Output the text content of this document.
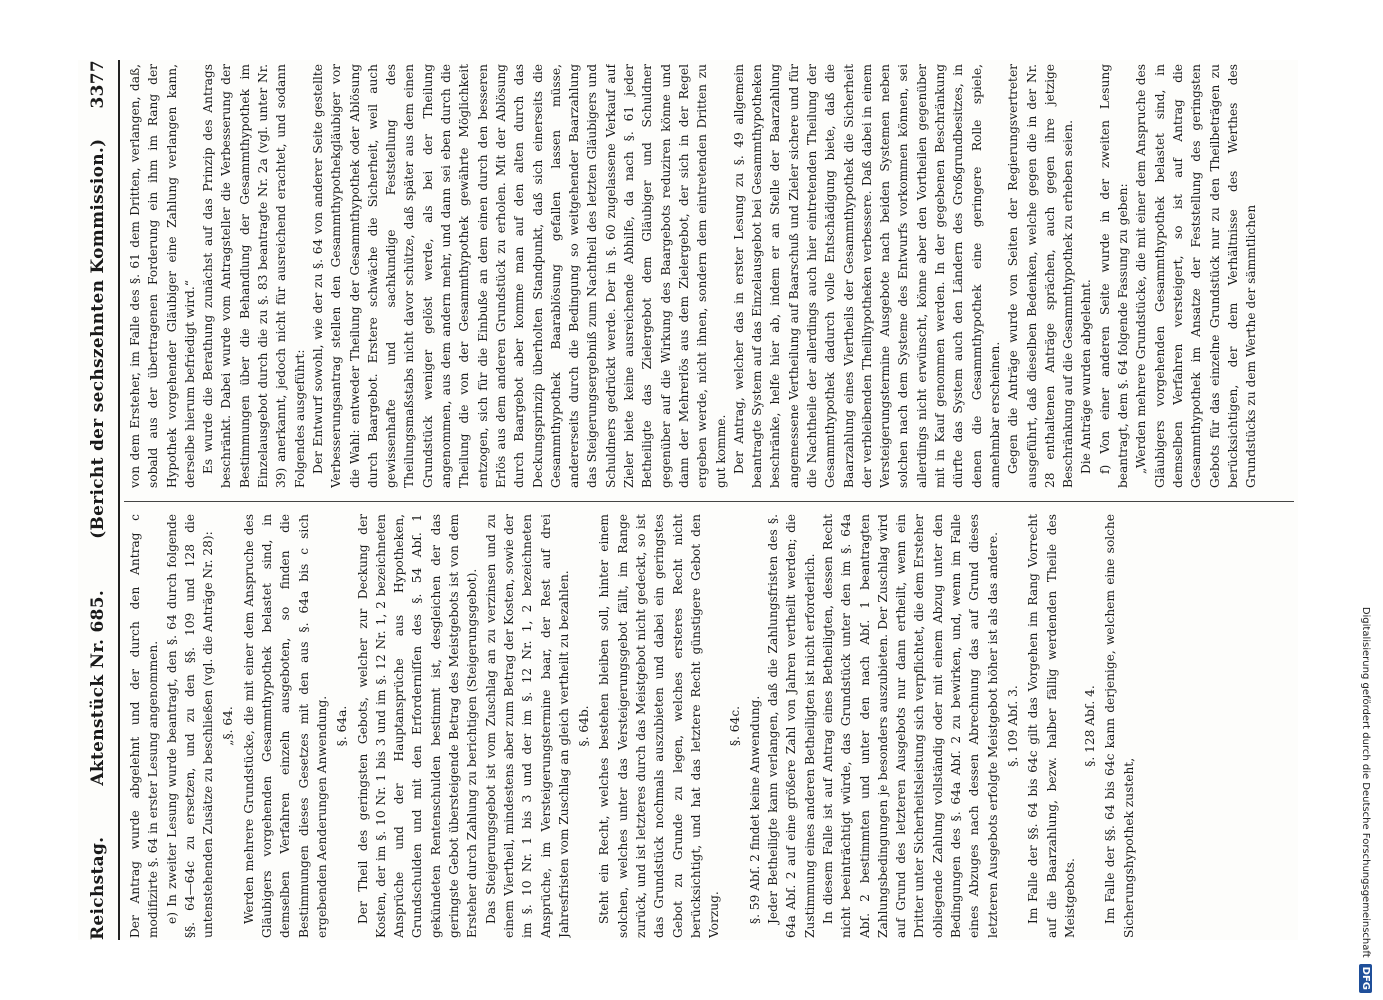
Reichstag.
Aktenstück Nr. 685.
(Bericht der sechszehnten Kommission.)
3377

Der Antrag wurde abgelehnt und der durch den Antrag c modifizirte §. 64 in erster Lesung angenommen. e) In zweiter Lesung wurde beantragt, den §. 64 durch folgende §§. 64—64c zu ersetzen, und zu den §§. 109 und 128 die untenstehenden Zusätze zu beschließen (vgl. die Anträge Nr. 28): „§. 64. Werden mehrere Grundstücke, die mit einer dem Anspruche des Gläubigers vorgehenden Gesammthypothek belastet sind, in demselben Verfahren einzeln ausgeboten, so finden die Bestimmungen dieses Gesetzes mit den aus §. 64a bis c sich ergebenden Aenderungen Anwendung. §. 64a. Der Theil des geringsten Gebots, welcher zur Deckung der Kosten, der im §. 10 Nr. 1 bis 3 und im §. 12 Nr. 1, 2 bezeichneten Ansprüche und der Hauptansprüche aus Hypotheken, Grundschulden und mit den Erforderniſſen des §. 54 Abſ. 1 gekündeten Rentenschulden bestimmt ist, desgleichen der das geringste Gebot übersteigende Betrag des Meistgebots ist von dem Ersteher durch Zahlung zu berichtigen (Steigerungsgebot). Das Steigerungsgebot ist vom Zuschlag an zu verzinsen und zu einem Viertheil, mindestens aber zum Betrag der Kosten, sowie der im §. 10 Nr. 1 bis 3 und der im §. 12 Nr. 1, 2 bezeichneten Ansprüche, im Versteigerungstermine baar, der Rest auf drei Jahresfristen vom Zuschlag an gleich vertheilt zu bezahlen. §. 64b. Steht ein Recht, welches bestehen bleiben soll, hinter einem solchen, welches unter das Versteigerungsgebot fällt, im Range zurück, und ist letzteres durch das Meistgebot nicht gedeckt, so ist das Grundstück nochmals auszubieten und dabei ein geringstes Gebot zu Grunde zu legen, welches ersteres Recht nicht berücksichtigt, und hat das letztere Recht günstigere Gebot den Vorzug.

§. 64c. §. 59 Abſ. 2 findet keine Anwendung. Jeder Betheiligte kann verlangen, daß die Zahlungsfristen des §. 64a Abſ. 2 auf eine größere Zahl von Jahren vertheilt werden; die Zustimmung eines anderen Betheiligten ist nicht erforderlich. In diesem Falle ist auf Antrag eines Betheiligten, dessen Recht nicht beeinträchtigt würde, das Grundstück unter den im §. 64a Abſ. 2 bestimmten und unter den nach Abſ. 1 beantragten Zahlungsbedingungen je besonders auszubieten. Der Zuschlag wird auf Grund des letzteren Ausgebots nur dann ertheilt, wenn ein Dritter unter Sicherheitsleistung sich verpflichtet, die dem Ersteher obliegende Zahlung vollständig oder mit einem Abzug unter den Bedingungen des §. 64a Abſ. 2 zu bewirken, und, wenn im Falle eines Abzuges nach dessen Abrechnung das auf Grund dieses letzteren Ausgebots erfolgte Meistgebot höher ist als das andere. §. 109 Abſ. 3. Im Falle der §§. 64 bis 64c gilt das Vorgehen im Rang Vorrecht auf die Baarzahlung, bezw. halber fällig werdenden Theile des Meistgebots.

§. 128 Abſ. 4. Im Falle der §§. 64 bis 64c kann derjenige, welchem eine solche Sicherungshypothek zusteht,

von dem Ersteher, im Falle des §. 61 dem Dritten, verlangen, daß, sobald aus der übertragenen Forderung ein ihm im Rang der Hypothek vorgehender Gläubiger eine Zahlung verlangen kann, derselbe hierum befriedigt wird.“ Es wurde die Berathung zunächst auf das Prinzip des Antrags beschränkt. Dabei wurde vom Antragsteller die Verbesserung der Bestimmungen über die Behandlung der Gesammthypothek im Einzelausgebot durch die zu §. 83 beantragte Nr. 2a (vgl. unter Nr. 39) anerkannt, jedoch nicht für ausreichend erachtet, und sodann Folgendes ausgeführt: Der Entwurf sowohl, wie der zu §. 64 von anderer Seite gestellte Verbesserungsantrag stellen den Gesammthypothekgläubiger vor die Wahl: entweder Theilung der Gesammthypothek oder Ablösung durch Baargebot. Erstere schwäche die Sicherheit, weil auch gewissenhafte und sachkundige Feststellung des Theilungsmaßstabs nicht davor schütze, daß später aus dem einen Grundstück weniger gelöst werde, als bei der Theilung angenommen, aus dem andern mehr, und dann sei eben durch die Theilung die von der Gesammthypothek gewährte Möglichkeit entzogen, sich für die Einbuße an dem einen durch den besseren Erlös aus dem anderen Grundstück zu erholen. Mit der Ablösung durch Baargebot aber komme man auf den alten durch das Deckungsprinzip überholten Standpunkt, daß sich einerseits die Gesammthypothek Baarablösung gefallen lassen müsse, andererseits durch die Bedingung so weitgehender Baarzahlung das Steigerungsergebniß zum Nachtheil des letzten Gläubigers und Schuldners gedrückt werde. Der in §. 60 zugelassene Verkauf auf Zieler biete keine ausreichende Abhilfe, da nach §. 61 jeder Betheiligte das Zielergebot dem Gläubiger und Schuldner gegenüber auf die Wirkung des Baargebots reduziren könne und dann der Mehrerlös aus dem Zielergebot, der sich in der Regel ergeben werde, nicht ihnen, sondern dem eintretenden Dritten zu gut komme. Der Antrag, welcher das in erster Lesung zu §. 49 allgemein beantragte System auf das Einzelausgebot bei Gesammthypotheken beschränke, helfe hier ab, indem er an Stelle der Baarzahlung angemessene Vertheilung auf Baarschuß und Zieler sichere und für die Nachtheile der allerdings auch hier eintretenden Theilung der Gesammthypothek dadurch volle Entschädigung biete, daß die Baarzahlung eines Viertheils der Gesammthypothek die Sicherheit der verbleibenden Theilhypotheken verbessere. Daß dabei in einem Versteigerungstermine Ausgebote nach beiden Systemen neben solchen nach dem Systeme des Entwurfs vorkommen können, sei allerdings nicht erwünscht, könne aber den Vortheilen gegenüber mit in Kauf genommen werden. In der gegebenen Beschränkung dürfte das System auch den Ländern des Großgrundbesitzes, in denen die Gesammthypothek eine geringere Rolle spiele, annehmbar erscheinen. Gegen die Anträge wurde von Seiten der Regierungsvertreter ausgeführt, daß dieselben Bedenken, welche gegen die in der Nr. 28 enthaltenen Anträge sprächen, auch gegen ihre jetzige Beschränkung auf die Gesammthypothek zu erheben seien. Die Anträge wurden abgelehnt. f) Von einer anderen Seite wurde in der zweiten Lesung beantragt, dem §. 64 folgende Fassung zu geben: „Werden mehrere Grundstücke, die mit einer dem Anspruche des Gläubigers vorgehenden Gesammthypothek belastet sind, in demselben Verfahren versteigert, so ist auf Antrag die Gesammthypothek im Ansatze der Feststellung des geringsten Gebots für das einzelne Grundstück nur zu den Theilbeträgen zu berücksichtigen, der dem Verhältnisse des Werthes des Grundstücks zu dem Werthe der sämmtlichen

Digitalisierung gefördert durch die Deutsche Forschungsgemeinschaft
DFG
